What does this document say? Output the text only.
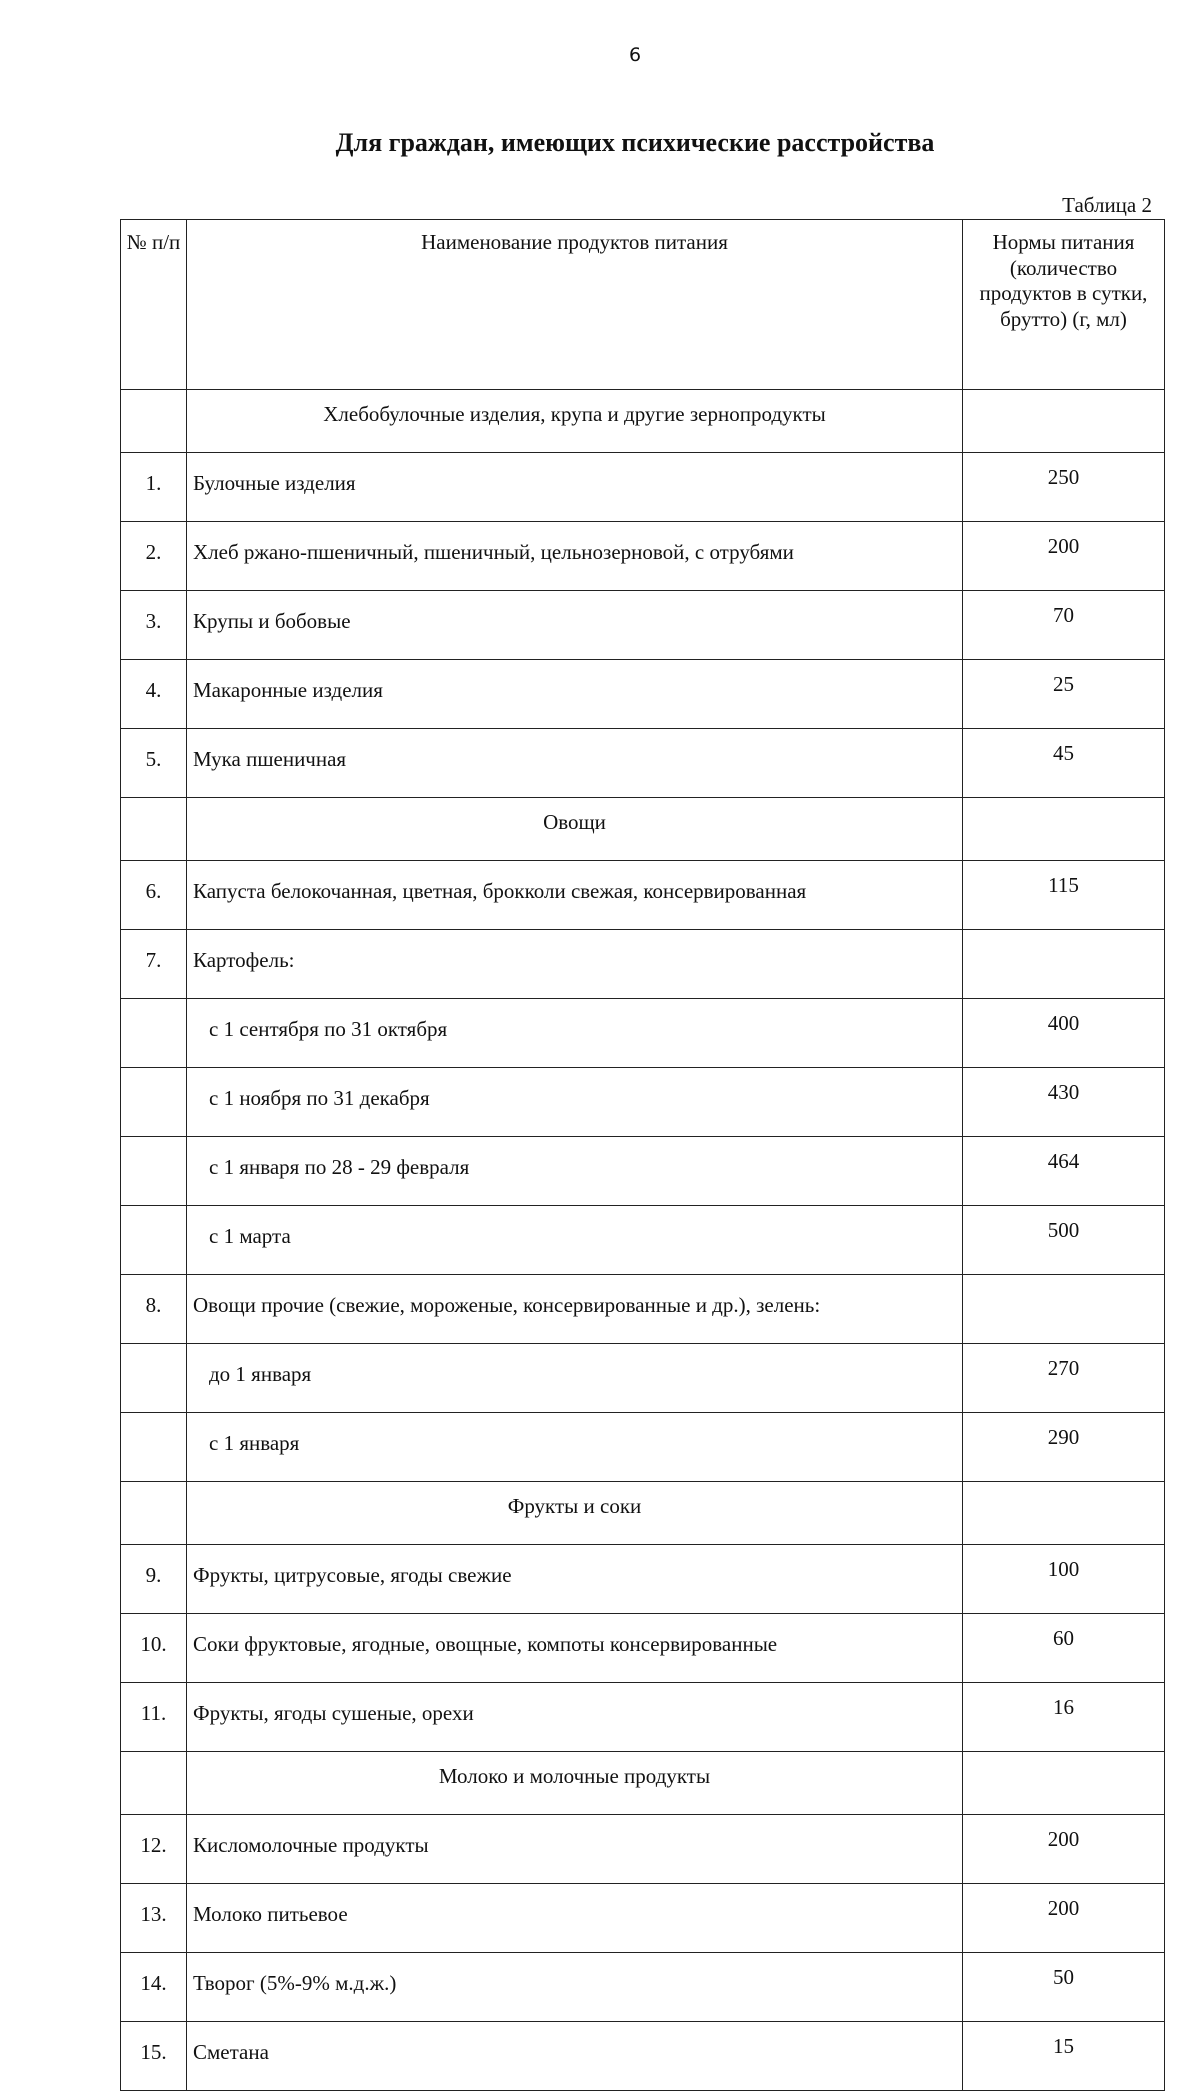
6
Для граждан, имеющих психические расстройства
Таблица 2
№ п/п	Наименование продуктов питания	Нормы питания (количество продуктов в сутки, брутто) (г, мл)
	Хлебобулочные изделия, крупа и другие зернопродукты	
1.	Булочные изделия	250
2.	Хлеб ржано-пшеничный, пшеничный, цельнозерновой, с отрубями	200
3.	Крупы и бобовые	70
4.	Макаронные изделия	25
5.	Мука пшеничная	45
	Овощи	
6.	Капуста белокочанная, цветная, брокколи свежая, консервированная	115
7.	Картофель:	
	с 1 сентября по 31 октября	400
	с 1 ноября по 31 декабря	430
	с 1 января по 28 - 29 февраля	464
	с 1 марта	500
8.	Овощи прочие (свежие, мороженые, консервированные и др.), зелень:	
	до 1 января	270
	с 1 января	290
	Фрукты и соки	
9.	Фрукты, цитрусовые, ягоды свежие	100
10.	Соки фруктовые, ягодные, овощные, компоты консервированные	60
11.	Фрукты, ягоды сушеные, орехи	16
	Молоко и молочные продукты	
12.	Кисломолочные продукты	200
13.	Молоко питьевое	200
14.	Творог (5%-9% м.д.ж.)	50
15.	Сметана	15
